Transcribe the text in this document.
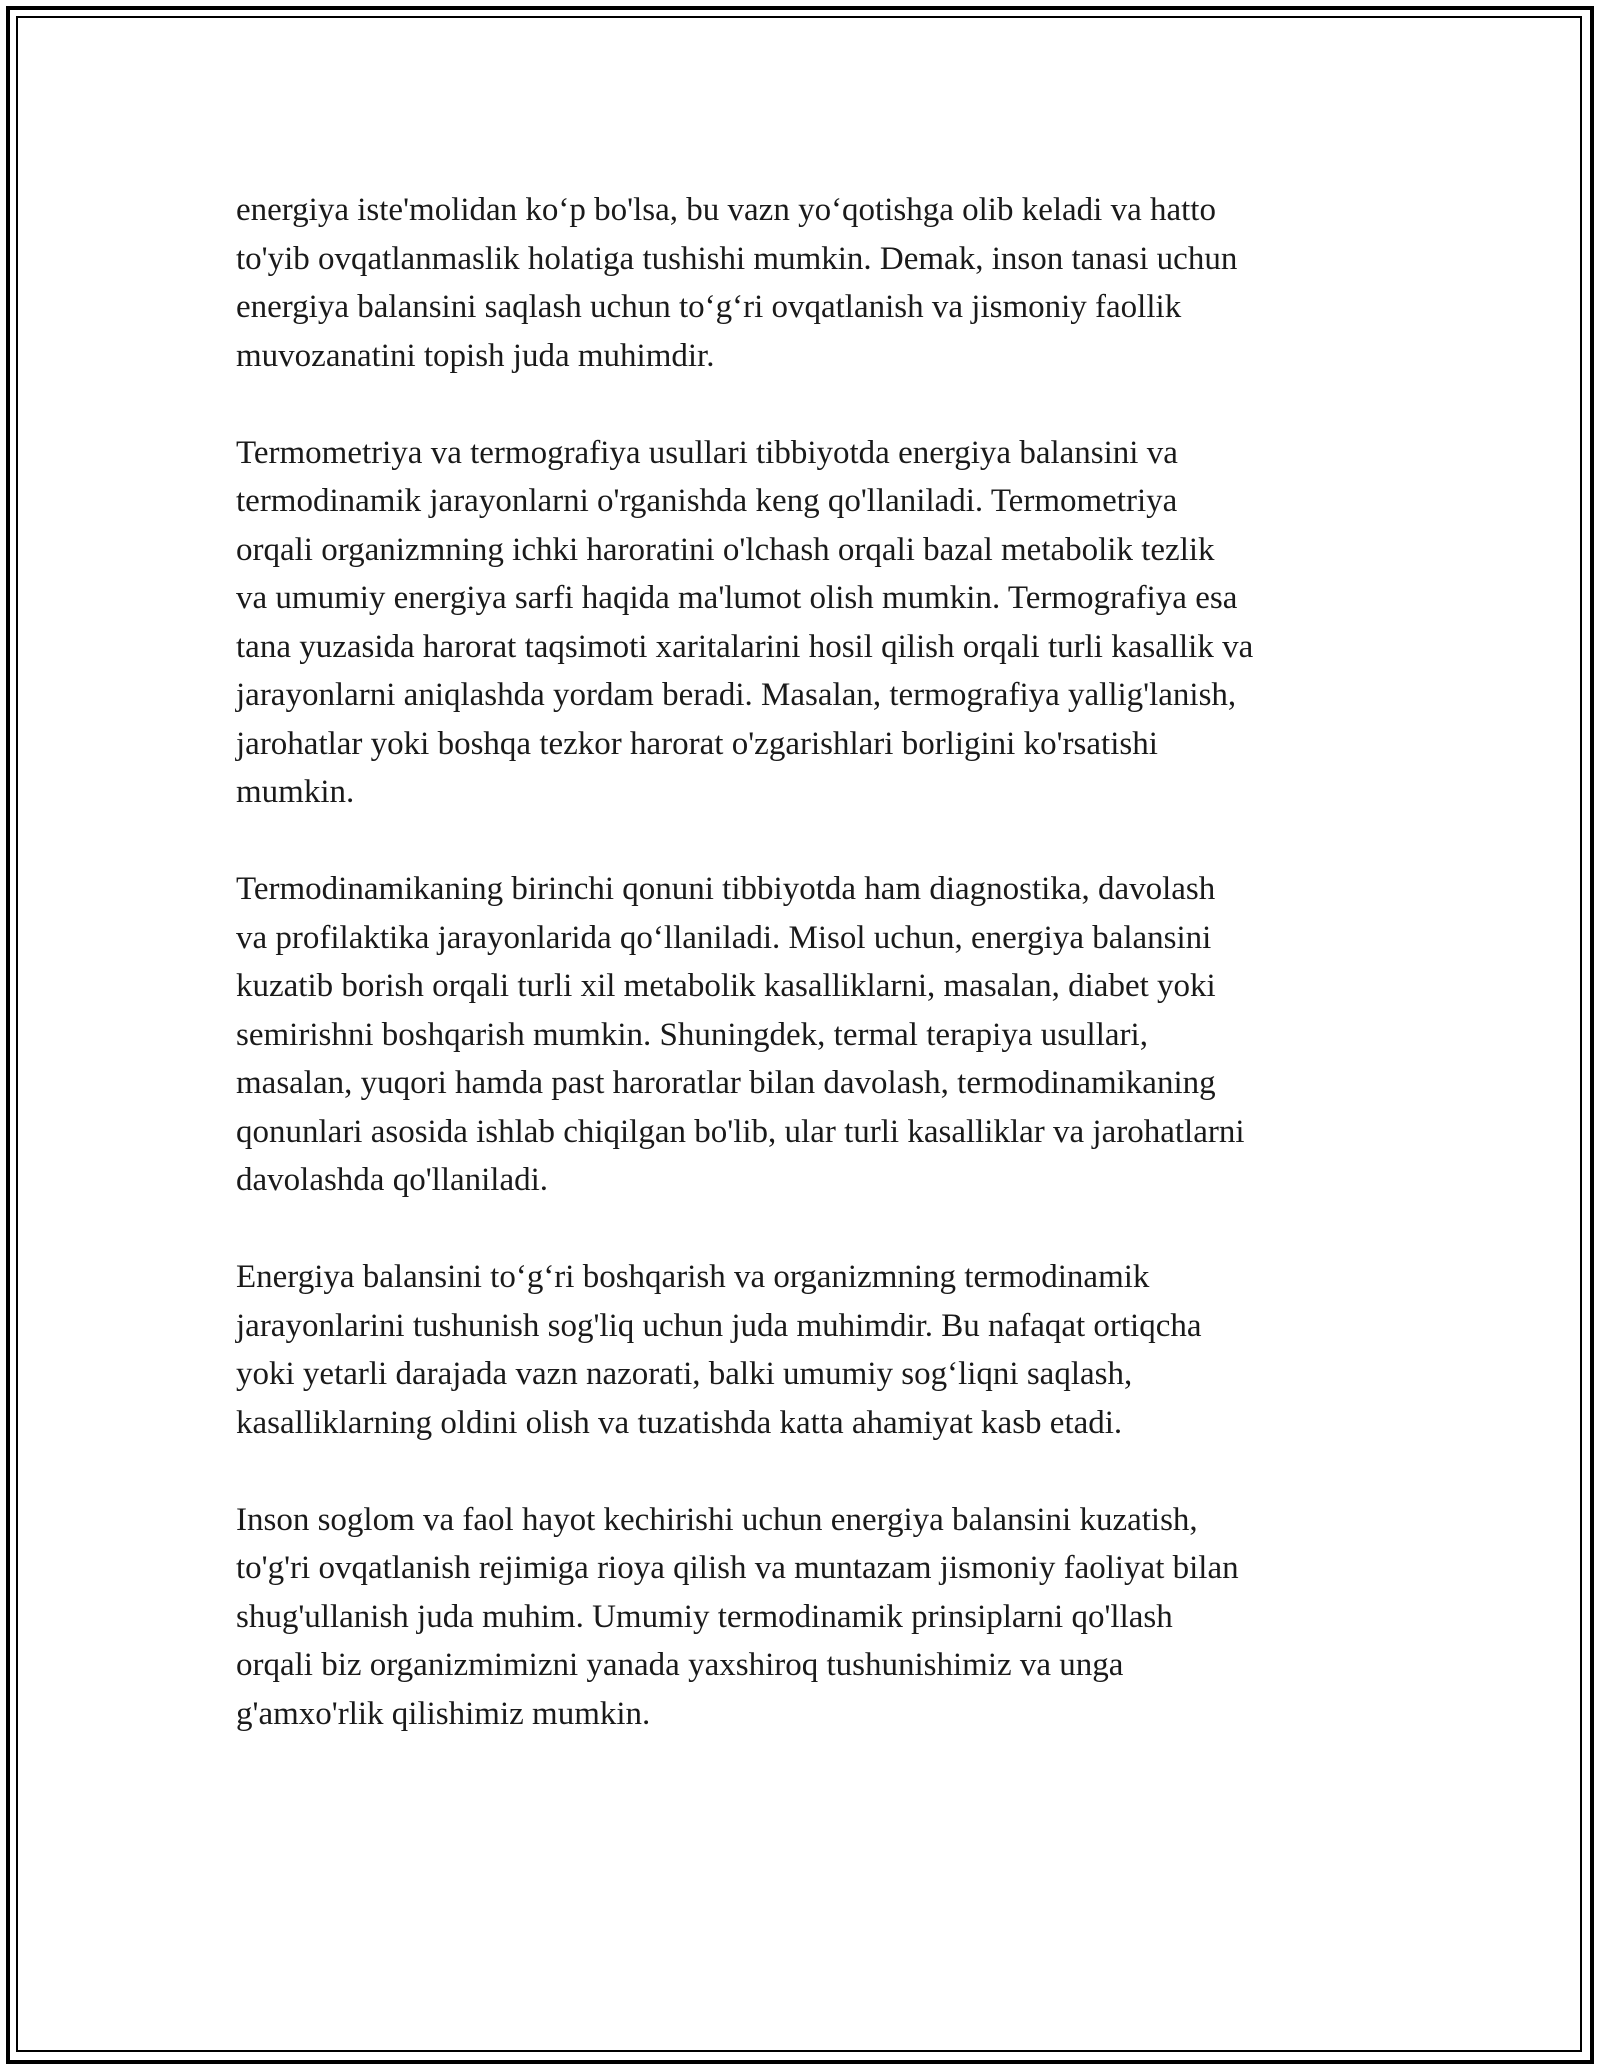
energiya iste'molidan ko‘p bo'lsa, bu vazn yo‘qotishga olib keladi va hatto
to'yib ovqatlanmaslik holatiga tushishi mumkin. Demak, inson tanasi uchun
energiya balansini saqlash uchun to‘g‘ri ovqatlanish va jismoniy faollik
muvozanatini topish juda muhimdir.

Termometriya va termografiya usullari tibbiyotda energiya balansini va
termodinamik jarayonlarni o'rganishda keng qo'llaniladi. Termometriya
orqali organizmning ichki haroratini o'lchash orqali bazal metabolik tezlik
va umumiy energiya sarfi haqida ma'lumot olish mumkin. Termografiya esa
tana yuzasida harorat taqsimoti xaritalarini hosil qilish orqali turli kasallik va
jarayonlarni aniqlashda yordam beradi. Masalan, termografiya yallig'lanish,
jarohatlar yoki boshqa tezkor harorat o'zgarishlari borligini ko'rsatishi
mumkin.

Termodinamikaning birinchi qonuni tibbiyotda ham diagnostika, davolash
va profilaktika jarayonlarida qo‘llaniladi. Misol uchun, energiya balansini
kuzatib borish orqali turli xil metabolik kasalliklarni, masalan, diabet yoki
semirishni boshqarish mumkin. Shuningdek, termal terapiya usullari,
masalan, yuqori hamda past haroratlar bilan davolash, termodinamikaning
qonunlari asosida ishlab chiqilgan bo'lib, ular turli kasalliklar va jarohatlarni
davolashda qo'llaniladi.

Energiya balansini to‘g‘ri boshqarish va organizmning termodinamik
jarayonlarini tushunish sog'liq uchun juda muhimdir. Bu nafaqat ortiqcha
yoki yetarli darajada vazn nazorati, balki umumiy sog‘liqni saqlash,
kasalliklarning oldini olish va tuzatishda katta ahamiyat kasb etadi.

Inson soglom va faol hayot kechirishi uchun energiya balansini kuzatish,
to'g'ri ovqatlanish rejimiga rioya qilish va muntazam jismoniy faoliyat bilan
shug'ullanish juda muhim. Umumiy termodinamik prinsiplarni qo'llash
orqali biz organizmimizni yanada yaxshiroq tushunishimiz va unga
g'amxo'rlik qilishimiz mumkin.
